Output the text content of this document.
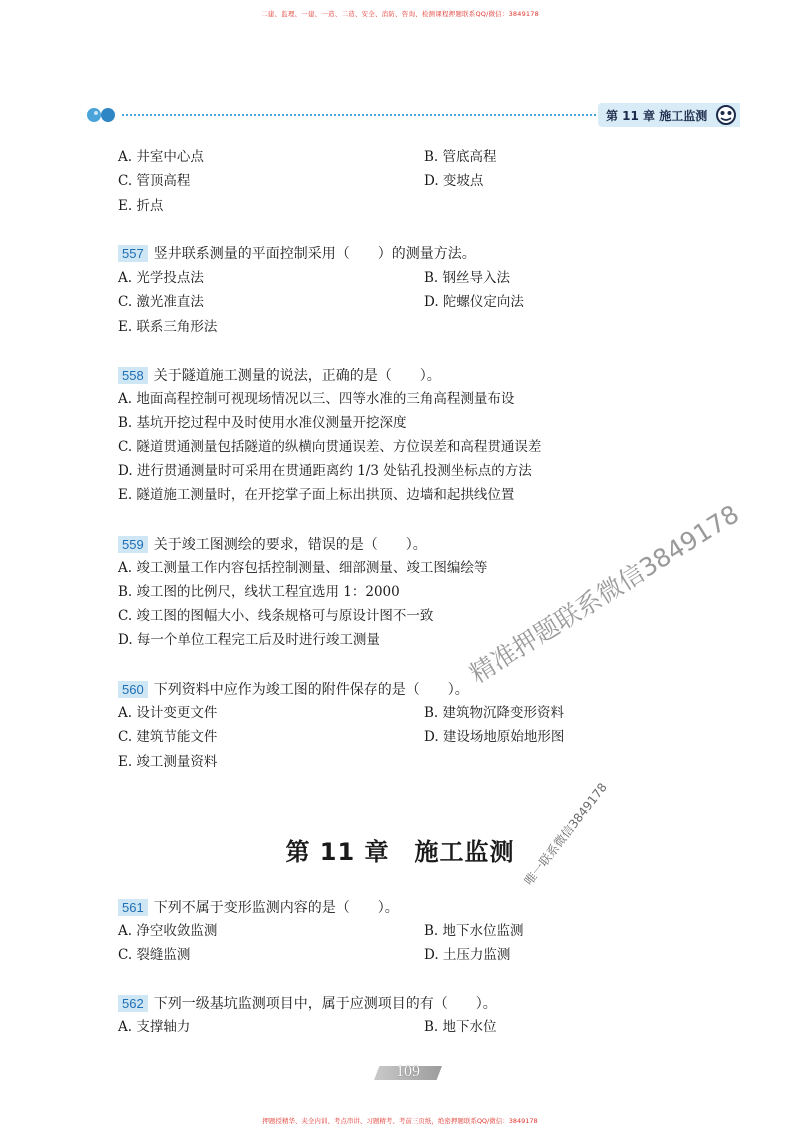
二建、监理、一建、一造、二造、安全、消防、咨询、检测课程押题联系QQ/微信：3849178
第 11 章 施工监测
A. 井室中心点	B. 管底高程
C. 管顶高程	D. 变坡点
E. 折点
557 竖井联系测量的平面控制采用（　　）的测量方法。
A. 光学投点法	B. 钢丝导入法
C. 激光准直法	D. 陀螺仪定向法
E. 联系三角形法
558 关于隧道施工测量的说法，正确的是（　　）。
A. 地面高程控制可视现场情况以三、四等水准的三角高程测量布设
B. 基坑开挖过程中及时使用水准仪测量开挖深度
C. 隧道贯通测量包括隧道的纵横向贯通误差、方位误差和高程贯通误差
D. 进行贯通测量时可采用在贯通距离约 1/3 处钻孔投测坐标点的方法
E. 隧道施工测量时，在开挖掌子面上标出拱顶、边墙和起拱线位置
559 关于竣工图测绘的要求，错误的是（　　）。
A. 竣工测量工作内容包括控制测量、细部测量、竣工图编绘等
B. 竣工图的比例尺，线状工程宜选用 1：2000
C. 竣工图的图幅大小、线条规格可与原设计图不一致
D. 每一个单位工程完工后及时进行竣工测量
560 下列资料中应作为竣工图的附件保存的是（　　）。
A. 设计变更文件	B. 建筑物沉降变形资料
C. 建筑节能文件	D. 建设场地原始地形图
E. 竣工测量资料
第 11 章　施工监测
561 下列不属于变形监测内容的是（　　）。
A. 净空收敛监测	B. 地下水位监测
C. 裂缝监测	D. 土压力监测
562 下列一级基坑监测项目中，属于应测项目的有（　　）。
A. 支撑轴力	B. 地下水位
精准押题联系微信3849178
唯一联系微信3849178
109
押题授精华、夹全内训、考点串讲、习题精考、考前三页纸，绝密押题联系QQ/微信：3849178
